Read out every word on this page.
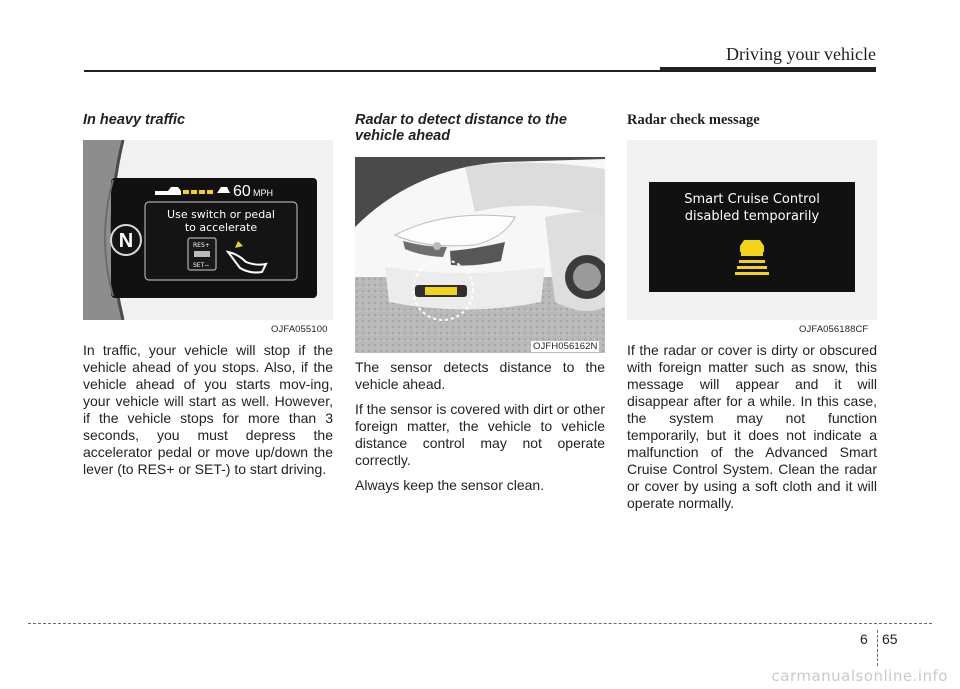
Driving your vehicle

In heavy traffic

N
60 MPH
Use switch or pedal
to accelerate
RES+
SET−
OJFA055100

In traffic, your vehicle will stop if the vehicle ahead of you stops. Also, if the vehicle ahead of you starts mov-ing, your vehicle will start as well. However, if the vehicle stops for more than 3 seconds, you must depress the accelerator pedal or move up/down the lever (to RES+ or SET-) to start driving.

Radar to detect distance to the vehicle ahead

OJFH056162N

The sensor detects distance to the vehicle ahead.

If the sensor is covered with dirt or other foreign matter, the vehicle to vehicle distance control may not operate correctly.

Always keep the sensor clean.

Radar check message

Smart Cruise Control
disabled temporarily
OJFA056188CF

If the radar or cover is dirty or obscured with foreign matter such as snow, this message will appear and it will disappear after for a while. In this case, the system may not function temporarily, but it does not indicate a malfunction of the Advanced Smart Cruise Control System. Clean the radar or cover by using a soft cloth and it will operate normally.

6 65
carmanualsonline.info
